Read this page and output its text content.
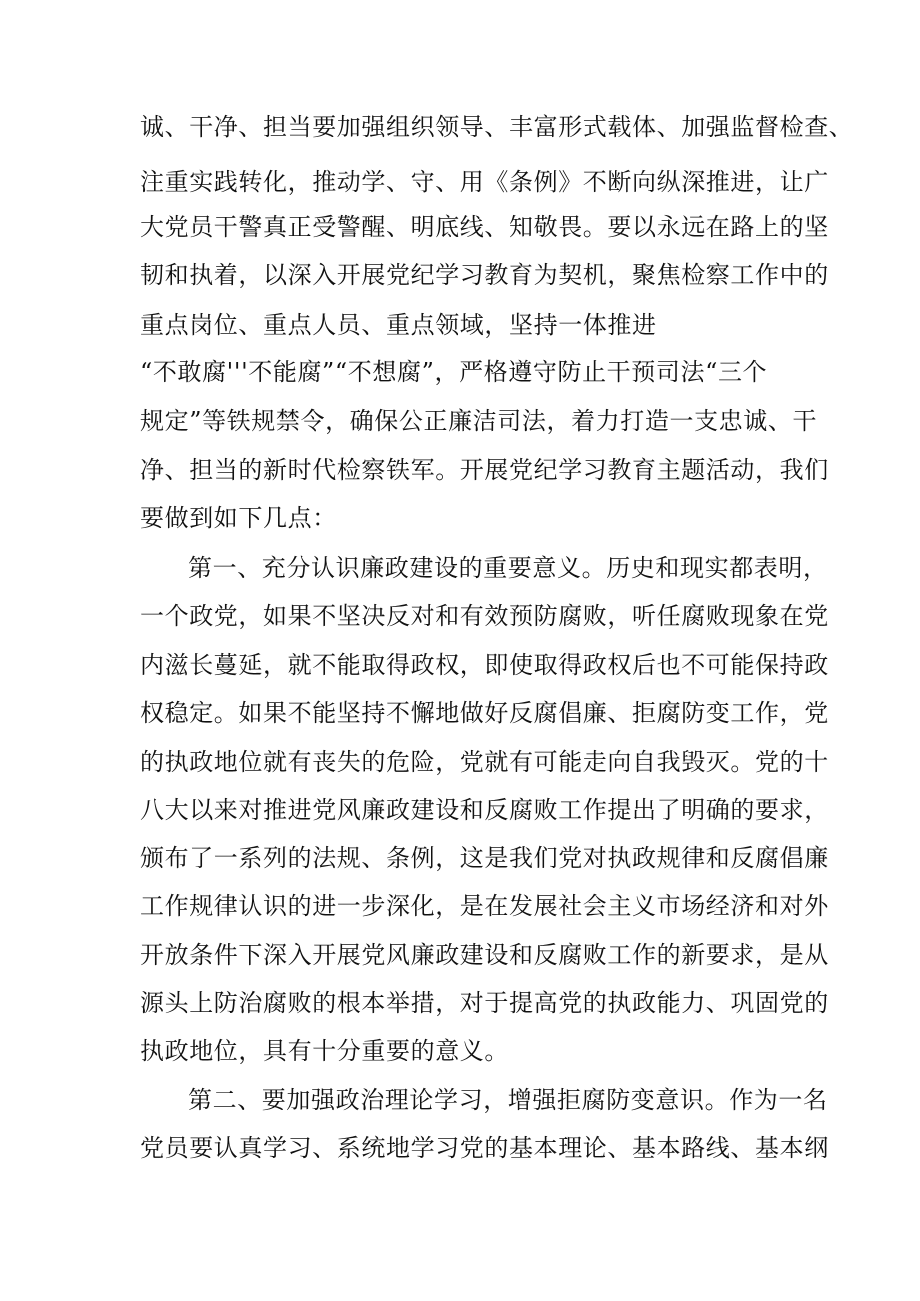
诚、干净、担当要加强组织领导、丰富形式载体、加强监督检查、
注重实践转化，推动学、守、用《条例》不断向纵深推进，让广
大党员干警真正受警醒、明底线、知敬畏。要以永远在路上的坚
韧和执着，以深入开展党纪学习教育为契机，聚焦检察工作中的
重点岗位、重点人员、重点领域，坚持一体推进
“不敢腐'''不能腐”“不想腐”，严格遵守防止干预司法“三个
规定”等铁规禁令，确保公正廉洁司法，着力打造一支忠诚、干
净、担当的新时代检察铁军。开展党纪学习教育主题活动，我们
要做到如下几点：
第一、充分认识廉政建设的重要意义。历史和现实都表明，
一个政党，如果不坚决反对和有效预防腐败，听任腐败现象在党
内滋长蔓延，就不能取得政权，即使取得政权后也不可能保持政
权稳定。如果不能坚持不懈地做好反腐倡廉、拒腐防变工作，党
的执政地位就有丧失的危险，党就有可能走向自我毁灭。党的十
八大以来对推进党风廉政建设和反腐败工作提出了明确的要求，
颁布了一系列的法规、条例，这是我们党对执政规律和反腐倡廉
工作规律认识的进一步深化，是在发展社会主义市场经济和对外
开放条件下深入开展党风廉政建设和反腐败工作的新要求，是从
源头上防治腐败的根本举措，对于提高党的执政能力、巩固党的
执政地位，具有十分重要的意义。
第二、要加强政治理论学习，增强拒腐防变意识。作为一名
党员要认真学习、系统地学习党的基本理论、基本路线、基本纲
